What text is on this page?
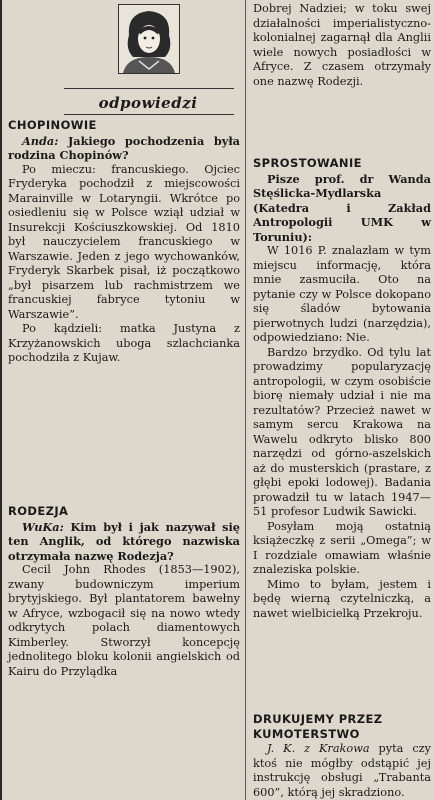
odpowiedzi
CHOPINOWIE

Anda: Jakiego pochodzenia była rodzina Chopinów?

Po mieczu: francuskiego. Ojciec Fryderyka pochodził z miejscowości Marainville w Lotaryngii. Wkrótce po osiedleniu się w Polsce wziął udział w Insurekcji Kościuszkowskiej. Od 1810 był nauczycielem francuskiego w Warszawie. Jeden z jego wychowanków, Fryderyk Skarbek pisał, iż początkowo „był pisarzem lub rachmistrzem we francuskiej fabryce tytoniu w Warszawie”.

Po kądzieli: matka Justyna z Krzyżanowskich uboga szlachcianka pochodziła z Kujaw.

RODEZJA

WuKa: Kim był i jak nazywał się ten Anglik, od którego nazwiska otrzymała nazwę Rodezja?

Cecil John Rhodes (1853—1902), zwany budowniczym imperium brytyjskiego. Był plantatorem bawełny w Afryce, wzbogacił się na nowo wtedy odkrytych polach diamentowych Kimberley. Stworzył koncepcję jednolitego bloku kolonii angielskich od Kairu do Przylądka

Dobrej Nadziei; w toku swej działalności imperialistyczno-kolonialnej zagarnął dla Anglii wiele nowych posiadłości w Afryce. Z czasem otrzymały one nazwę Rodezji.

SPROSTOWANIE

Pisze prof. dr Wanda Stęślicka-Mydlarska (Katedra i Zakład Antropologii UMK w Toruniu):

W 1016 P. znalazłam w tym miejscu informację, która mnie zasmuciła. Oto na pytanie czy w Polsce dokopano się śladów bytowania pierwotnych ludzi (narzędzia), odpowiedziano: Nie.

Bardzo brzydko. Od tylu lat prowadzimy popularyzację antropologii, w czym osobiście biorę niemały udział i nie ma rezultatów? Przecież nawet w samym sercu Krakowa na Wawelu odkryto blisko 800 narzędzi od górno-aszelskich aż do musterskich (prastare, z głębi epoki lodowej). Badania prowadził tu w latach 1947—51 profesor Ludwik Sawicki.

Posyłam moją ostatnią książeczkę z serii „Omega”; w I rozdziale omawiam właśnie znaleziska polskie.

Mimo to byłam, jestem i będę wierną czytelniczką, a nawet wielbicielką Przekroju.

DRUKUJEMY PRZEZ KUMOTERSTWO

J. K. z Krakowa pyta czy ktoś nie mógłby odstąpić jej instrukcję obsługi „Trabanta 600”, którą jej skradziono.
